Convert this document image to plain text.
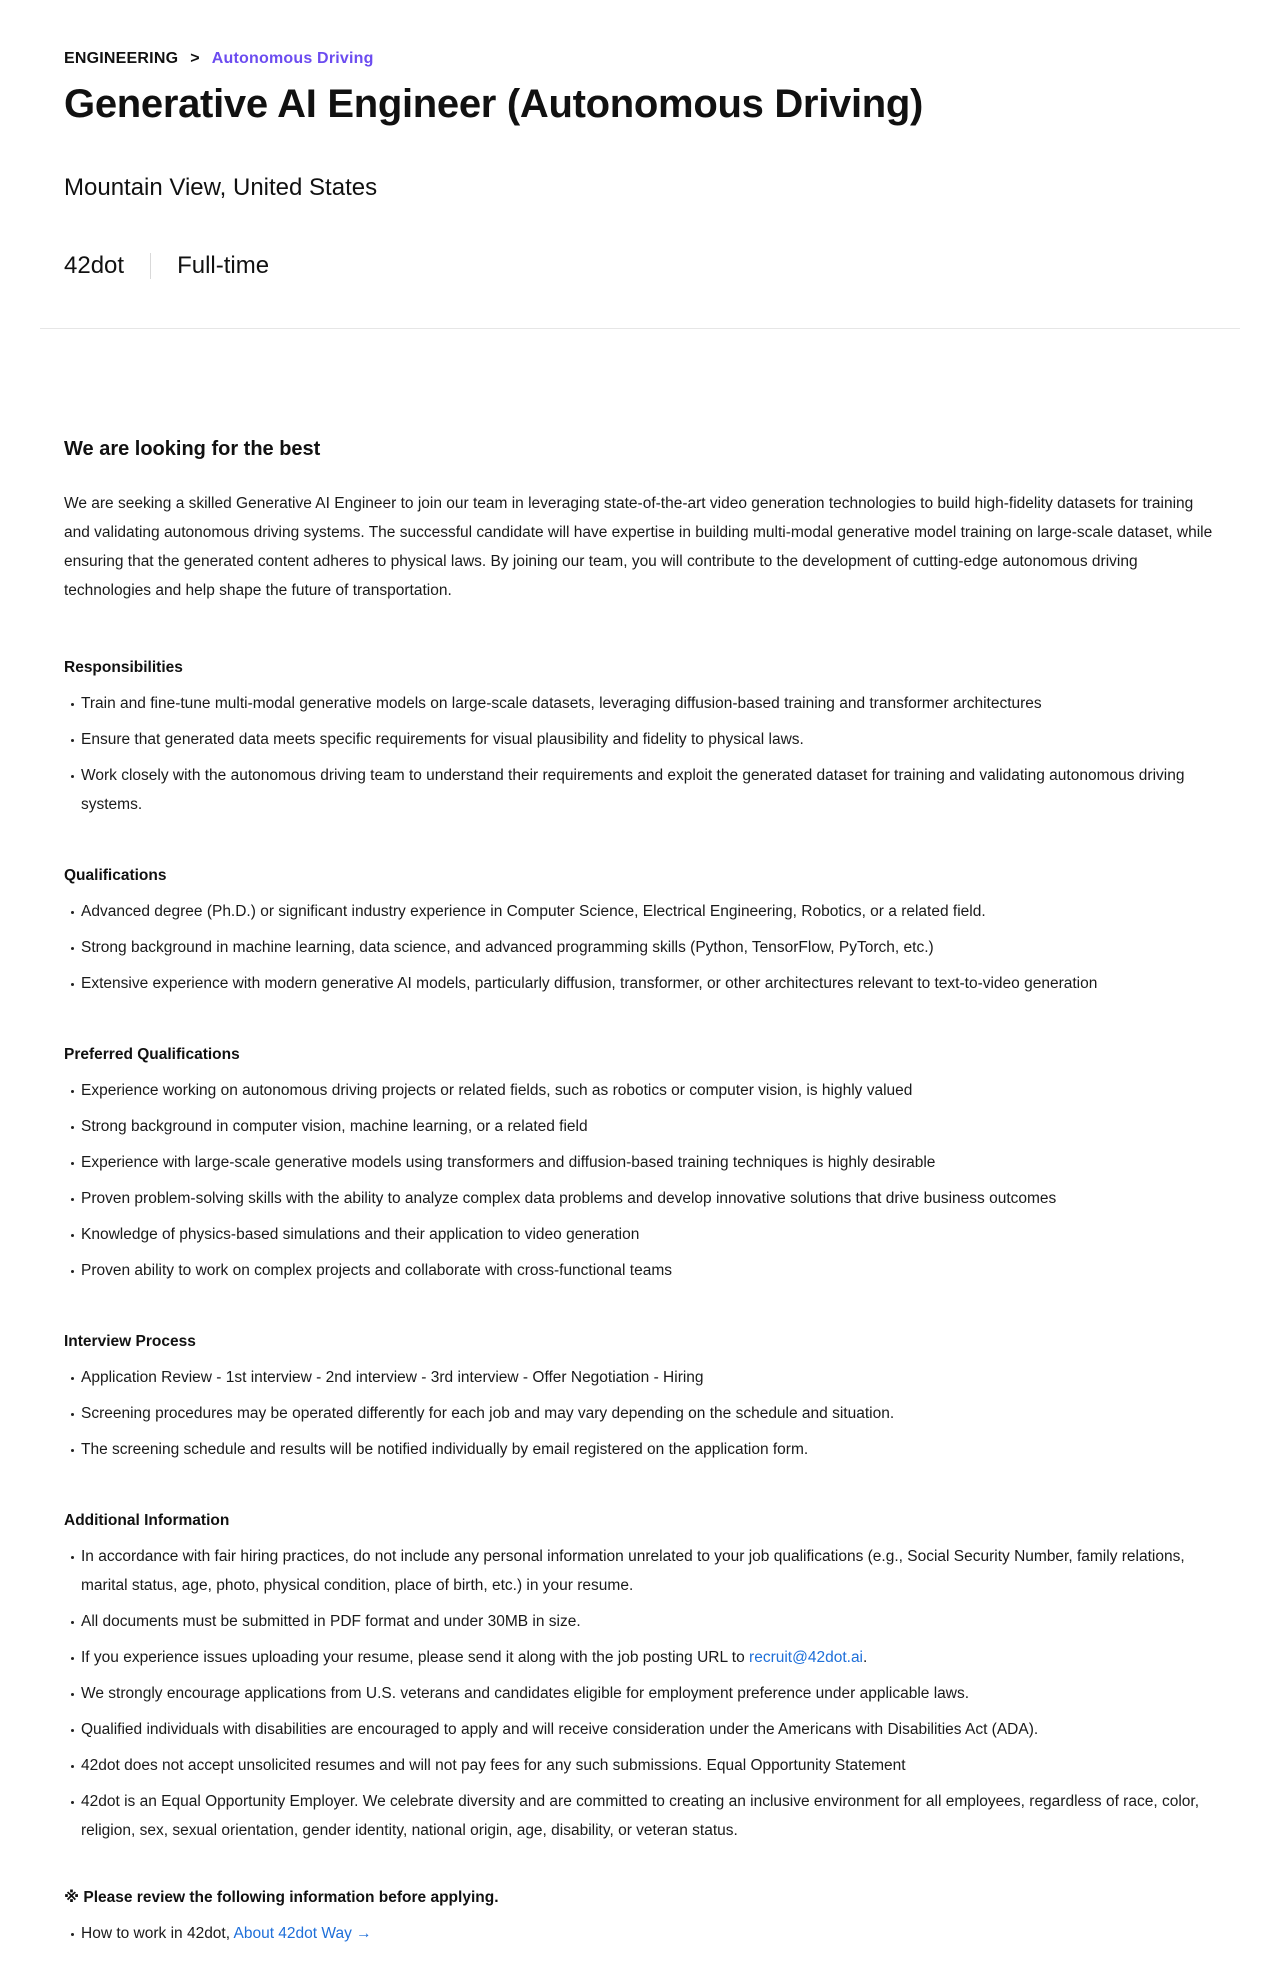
ENGINEERING > Autonomous Driving
Generative AI Engineer (Autonomous Driving)
Mountain View, United States
42dot Full-time
We are looking for the best

We are seeking a skilled Generative AI Engineer to join our team in leveraging state-of-the-art video generation technologies to build high-fidelity datasets for training and validating autonomous driving systems. The successful candidate will have expertise in building multi-modal generative model training on large-scale dataset, while ensuring that the generated content adheres to physical laws. By joining our team, you will contribute to the development of cutting-edge autonomous driving technologies and help shape the future of transportation.

Responsibilities
Train and fine-tune multi-modal generative models on large-scale datasets, leveraging diffusion-based training and transformer architectures
Ensure that generated data meets specific requirements for visual plausibility and fidelity to physical laws.
Work closely with the autonomous driving team to understand their requirements and exploit the generated dataset for training and validating autonomous driving systems.
Qualifications
Advanced degree (Ph.D.) or significant industry experience in Computer Science, Electrical Engineering, Robotics, or a related field.
Strong background in machine learning, data science, and advanced programming skills (Python, TensorFlow, PyTorch, etc.)
Extensive experience with modern generative AI models, particularly diffusion, transformer, or other architectures relevant to text-to-video generation
Preferred Qualifications
Experience working on autonomous driving projects or related fields, such as robotics or computer vision, is highly valued
Strong background in computer vision, machine learning, or a related field
Experience with large-scale generative models using transformers and diffusion-based training techniques is highly desirable
Proven problem-solving skills with the ability to analyze complex data problems and develop innovative solutions that drive business outcomes
Knowledge of physics-based simulations and their application to video generation
Proven ability to work on complex projects and collaborate with cross-functional teams
Interview Process
Application Review - 1st interview - 2nd interview - 3rd interview - Offer Negotiation - Hiring
Screening procedures may be operated differently for each job and may vary depending on the schedule and situation.
The screening schedule and results will be notified individually by email registered on the application form.
Additional Information
In accordance with fair hiring practices, do not include any personal information unrelated to your job qualifications (e.g., Social Security Number, family relations, marital status, age, photo, physical condition, place of birth, etc.) in your resume.
All documents must be submitted in PDF format and under 30MB in size.
If you experience issues uploading your resume, please send it along with the job posting URL to recruit@42dot.ai.
We strongly encourage applications from U.S. veterans and candidates eligible for employment preference under applicable laws.
Qualified individuals with disabilities are encouraged to apply and will receive consideration under the Americans with Disabilities Act (ADA).
42dot does not accept unsolicited resumes and will not pay fees for any such submissions. Equal Opportunity Statement
42dot is an Equal Opportunity Employer. We celebrate diversity and are committed to creating an inclusive environment for all employees, regardless of race, color, religion, sex, sexual orientation, gender identity, national origin, age, disability, or veteran status.
※ Please review the following information before applying.
How to work in 42dot, About 42dot Way →
